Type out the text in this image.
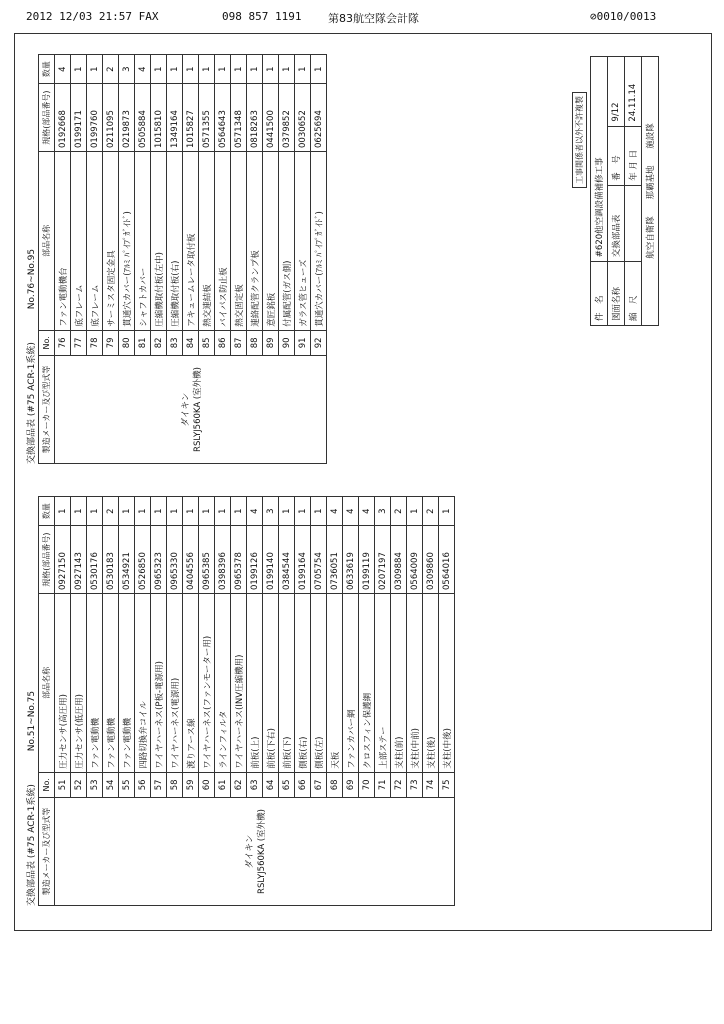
2012 12/03 21:57 FAX	098 857 1191 第83航空隊会計隊	⊘0010/0013
交換部品表 (#75 ACR-1系統) No.51~No.75
製造メーカー及び型式等	No.	部品名称	規格(部品番号)	数量

ダイキン RSLYJ560KA (室外機)	51	圧力センサ(高圧用)	0927150	1
	52	圧力センサ(低圧用)	0927143	1
	53	ファン電動機	0530176	1
	54	ファン電動機	0530183	2
	55	ファン電動機	0534921	1
	56	四路切換弁コイル	0526850	1
	57	ワイヤハーネス(P板-電源用)	0965323	1
	58	ワイヤハーネス(電源用)	0965330	1
	59	渡りアース線	0404556	1
	60	ワイヤハーネス(ファンモーター用)	0965385	1
	61	ラインフィルタ	0398396	1
	62	ワイヤハーネス(INV圧縮機用)	0965378	1
	63	前板(上)	0199126	4
	64	前板(下右)	0199140	3
	65	前板(下)	0384544	1
	66	側板(右)	0199164	1
	67	側板(左)	0705754	1
	68	天板	0736051	4
	69	ファンカバー網	0633619	4
	70	クロスフィン保護網	0199119	4
	71	上部ステー	0207197	3
	72	支柱(前)	0309884	2
	73	支柱(中前)	0564009	1
	74	支柱(後)	0309860	2
	75	支柱(中後)	0564016	1
交換部品表 (#75 ACR-1系統) No.76~No.95
製造メーカー及び型式等	No.	部品名称	規格(部品番号)	数量

ダイキン RSLYJ560KA (室外機)	76	ファン電動機台	0192668	4
	77	底フレーム	0199171	1
	78	底フレーム	0199760	1
	79	サーミスタ固定金具	0211095	2
	80	貫通穴カバー(ｱﾙﾐ ﾊﾟｲﾌﾟｶﾞｲﾄﾞ)	0219873	3
	81	シャフトカバー	0505884	4
	82	圧縮機取付板(左中)	1015810	1
	83	圧縮機取付板(右)	1349164	1
	84	アキュームレータ取付板	1015827	1
	85	熱交連結板	0571355	1
	86	バイパス防止板	0564643	1
	87	熱交固定板	0571348	1
	88	連絡配管クランプ板	0818263	1
	89	意匠銘板	0441500	1
	90	付属配管(ガス側)	0379852	1
	91	ガラス管ヒューズ	0030652	1
	92	貫通穴カバー(ｱﾙﾐ ﾊﾟｲﾌﾟｶﾞｲﾄﾞ)	0625694	1
工事関係者以外不許複製
件　名	#620他空調設備補修工事		
図面名称	交換部品表	番　号	9/12
縮　尺		年 月 日	24.11.14
航空自衛隊 那覇基地 施設隊			
